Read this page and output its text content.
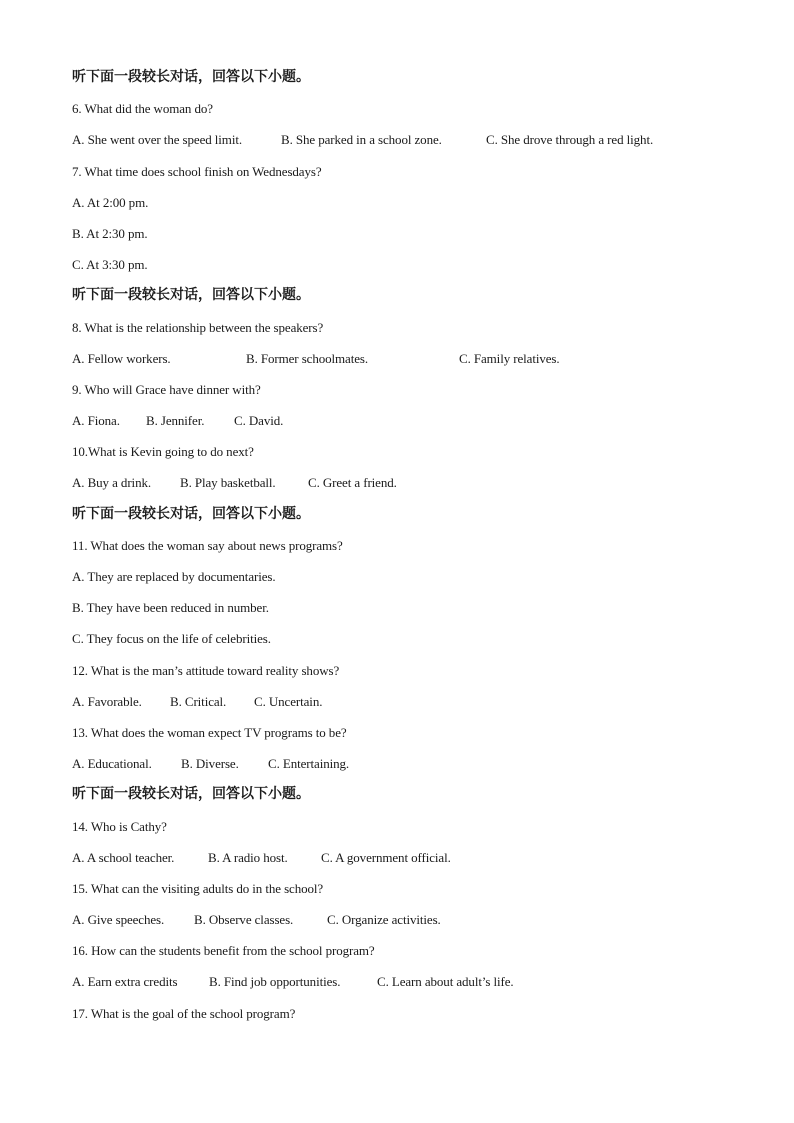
听下面一段较长对话，回答以下小题。
6. What did the woman do?
A. She went over the speed limit.	B. She parked in a school zone.	C. She drove through a red light.
7. What time does school finish on Wednesdays?
A. At 2:00 pm.
B. At 2:30 pm.
C. At 3:30 pm.
听下面一段较长对话，回答以下小题。
8. What is the relationship between the speakers?
A. Fellow workers.	B. Former schoolmates.	C. Family relatives.
9. Who will Grace have dinner with?
A. Fiona.	B. Jennifer.	C. David.
10.What is Kevin going to do next?
A. Buy a drink.	B. Play basketball.	C. Greet a friend.
听下面一段较长对话，回答以下小题。
11. What does the woman say about news programs?
A. They are replaced by documentaries.
B. They have been reduced in number.
C. They focus on the life of celebrities.
12. What is the man’s attitude toward reality shows?
A. Favorable.	B. Critical.	C. Uncertain.
13. What does the woman expect TV programs to be?
A. Educational.	B. Diverse.	C. Entertaining.
听下面一段较长对话，回答以下小题。
14. Who is Cathy?
A. A school teacher.	B. A radio host.	C. A government official.
15. What can the visiting adults do in the school?
A. Give speeches.	B. Observe classes.	C. Organize activities.
16. How can the students benefit from the school program?
A. Earn extra credits	B. Find job opportunities.	C. Learn about adult’s life.
17. What is the goal of the school program?
